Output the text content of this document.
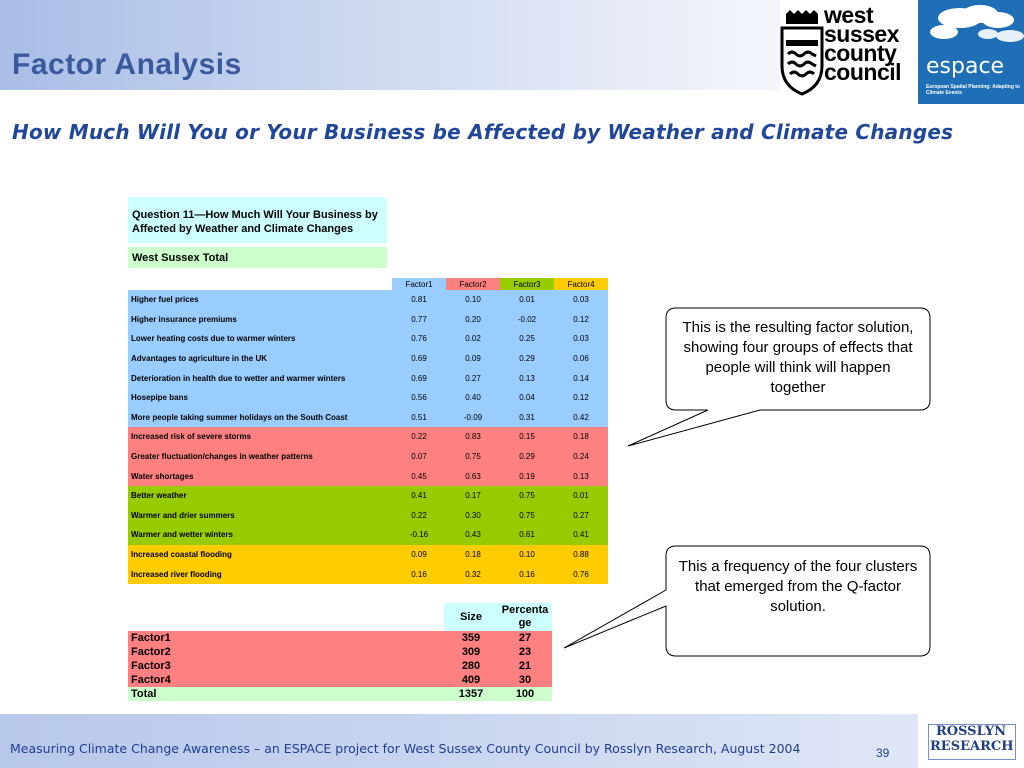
Factor Analysis
west
sussex
county
council espace
European Spatial Planning: Adapting to Climate Events
How Much Will You or Your Business be Affected by Weather and Climate Changes
Question 11—How Much Will Your Business by Affected by Weather and Climate Changes
West Sussex Total
	Factor1	Factor2	Factor3	Factor4
Higher fuel prices	0.81	0.10	0.01	0.03
Higher insurance premiums	0.77	0.20	-0.02	0.12
Lower heating costs due to warmer winters	0.76	0.02	0.25	0.03
Advantages to agriculture in the UK	0.69	0.09	0.29	0.06
Deterioration in health due to wetter and warmer winters	0.69	0.27	0.13	0.14
Hosepipe bans	0.56	0.40	0.04	0.12
More people taking summer holidays on the South Coast	0.51	-0.09	0.31	0.42
Increased risk of severe storms	0.22	0.83	0.15	0.18
Greater fluctuation/changes in weather patterns	0.07	0.75	0.29	0.24
Water shortages	0.45	0.63	0.19	0.13
Better weather	0.41	0.17	0.75	0.01
Warmer and drier summers	0.22	0.30	0.75	0.27
Warmer and wetter winters	-0.16	0.43	0.61	0.41
Increased coastal flooding	0.09	0.18	0.10	0.88
Increased river flooding	0.16	0.32	0.16	0.76
	Size	Percenta
ge
Factor1	359	27
Factor2	309	23
Factor3	280	21
Factor4	409	30
Total	1357	100
This is the resulting factor solution, showing four groups of effects that people will think will happen together
This a frequency of the four clusters that emerged from the Q-factor solution.
Measuring Climate Change Awareness – an ESPACE project for West Sussex County Council by Rosslyn Research, August 2004	39
ROSSLYN
RESEARCH
